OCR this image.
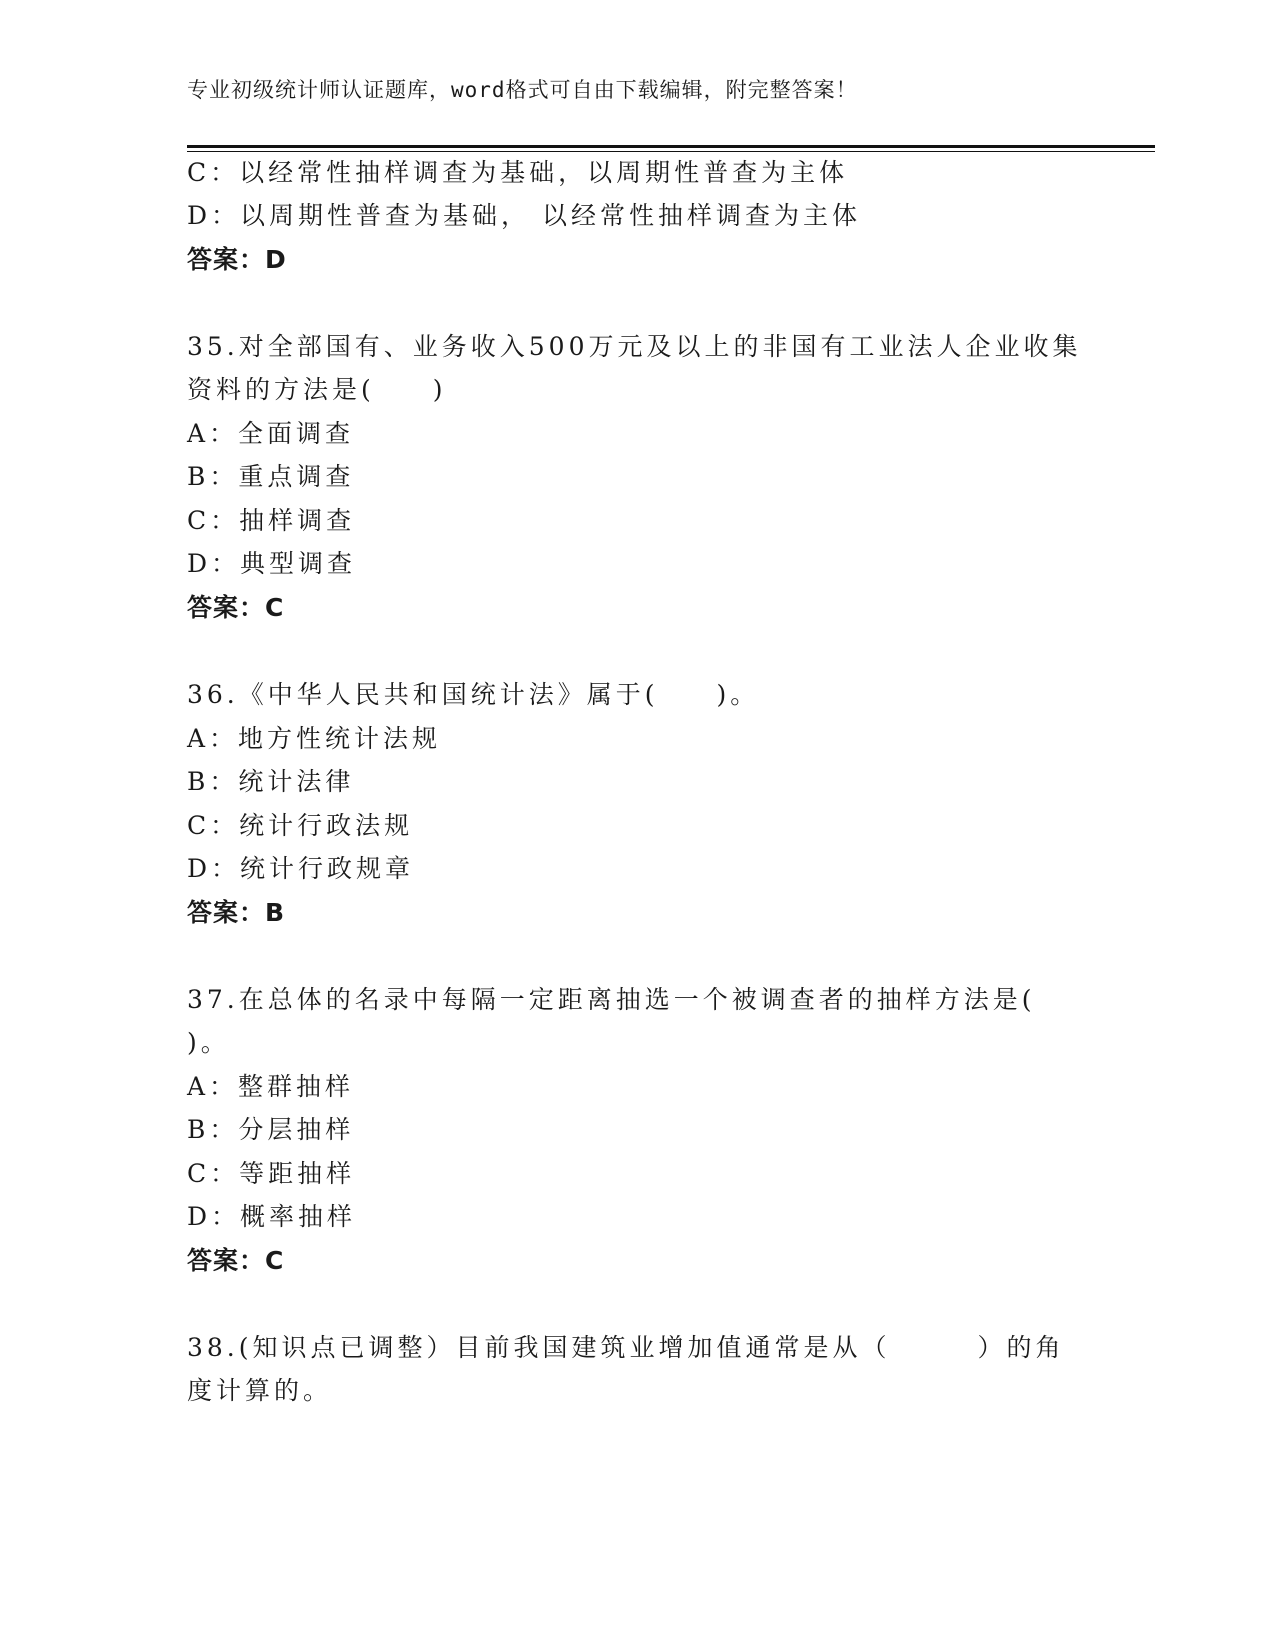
专业初级统计师认证题库，word格式可自由下载编辑，附完整答案！
C：以经常性抽样调查为基础，以周期性普查为主体
D：以周期性普查为基础， 以经常性抽样调查为主体
答案：D
35.对全部国有、业务收入500万元及以上的非国有工业法人企业收集
资料的方法是(　　)
A：全面调查
B：重点调查
C：抽样调查
D：典型调查
答案：C
36.《中华人民共和国统计法》属于(　　)。
A：地方性统计法规
B：统计法律
C：统计行政法规
D：统计行政规章
答案：B
37.在总体的名录中每隔一定距离抽选一个被调查者的抽样方法是(
)。
A：整群抽样
B：分层抽样
C：等距抽样
D：概率抽样
答案：C
38.(知识点已调整）目前我国建筑业增加值通常是从（　　　）的角
度计算的。
